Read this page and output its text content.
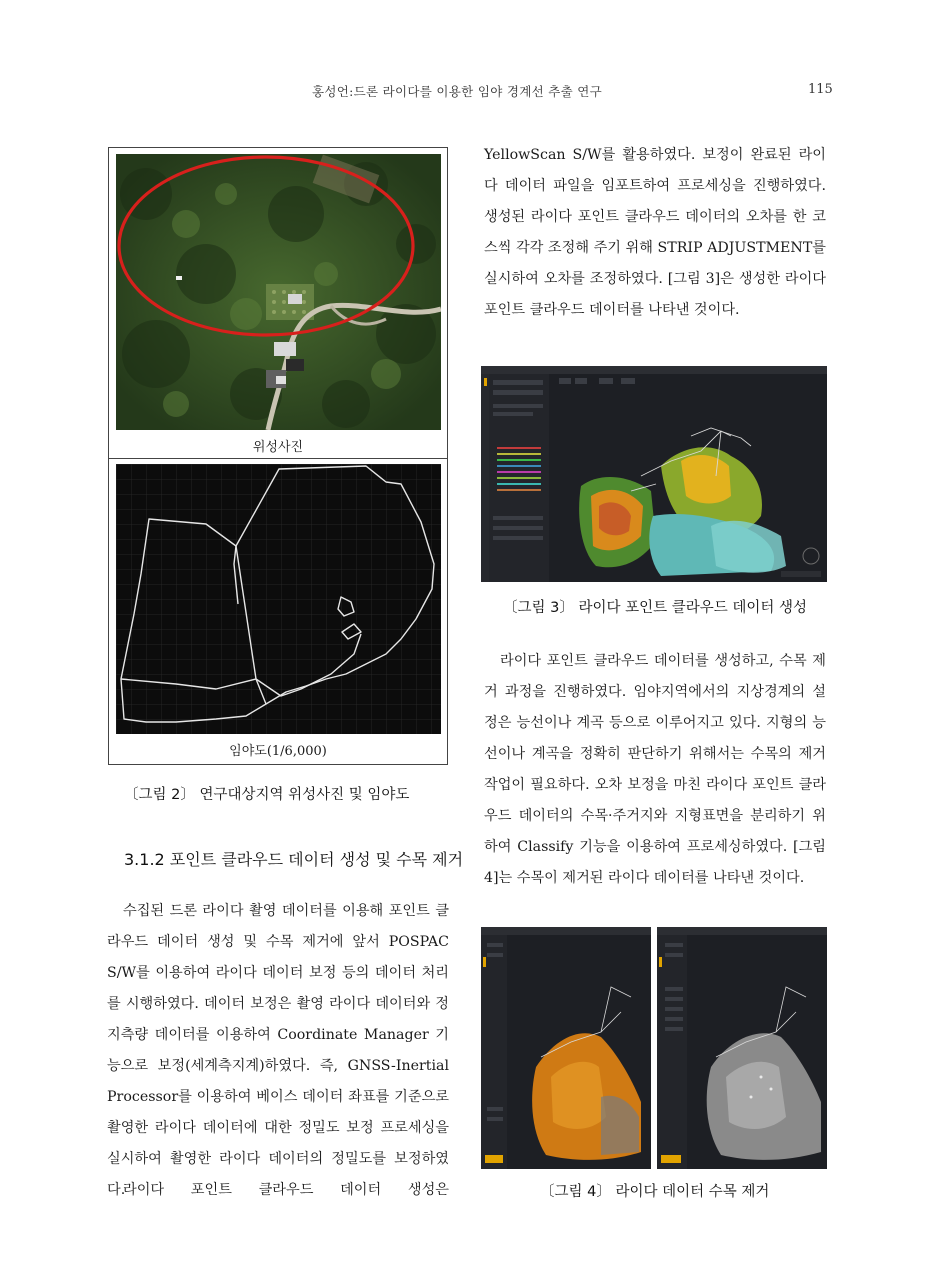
홍성언:드론 라이다를 이용한 임야 경계선 추출 연구	115
위성사진
임야도(1/6,000)
〔그림 2〕 연구대상지역 위성사진 및 임야도
3.1.2 포인트 클라우드 데이터 생성 및 수목 제거

수집된 드론 라이다 촬영 데이터를 이용해 포인트 클라우드 데이터 생성 및 수목 제거에 앞서 POSPAC S/W를 이용하여 라이다 데이터 보정 등의 데이터 처리를 시행하였다. 데이터 보정은 촬영 라이다 데이터와 정지측량 데이터를 이용하여 Coordinate Manager 기능으로 보정(세계측지계)하였다. 즉, GNSS-Inertial Processor를 이용하여 베이스 데이터 좌표를 기준으로 촬영한 라이다 데이터에 대한 정밀도 보정 프로세싱을 실시하여 촬영한 라이다 데이터의 정밀도를 보정하였다.

라이다 포인트 클라우드 데이터 생성은

YellowScan S/W를 활용하였다. 보정이 완료된 라이다 데이터 파일을 임포트하여 프로세싱을 진행하였다. 생성된 라이다 포인트 클라우드 데이터의 오차를 한 코스씩 각각 조정해 주기 위해 STRIP ADJUSTMENT를 실시하여 오차를 조정하였다. [그림 3]은 생성한 라이다 포인트 클라우드 데이터를 나타낸 것이다.

〔그림 3〕 라이다 포인트 클라우드 데이터 생성

라이다 포인트 클라우드 데이터를 생성하고, 수목 제거 과정을 진행하였다. 임야지역에서의 지상경계의 설정은 능선이나 계곡 등으로 이루어지고 있다. 지형의 능선이나 계곡을 정확히 판단하기 위해서는 수목의 제거 작업이 필요하다. 오차 보정을 마친 라이다 포인트 클라우드 데이터의 수목·주거지와 지형표면을 분리하기 위하여 Classify 기능을 이용하여 프로세싱하였다. [그림 4]는 수목이 제거된 라이다 데이터를 나타낸 것이다.

〔그림 4〕 라이다 데이터 수목 제거
